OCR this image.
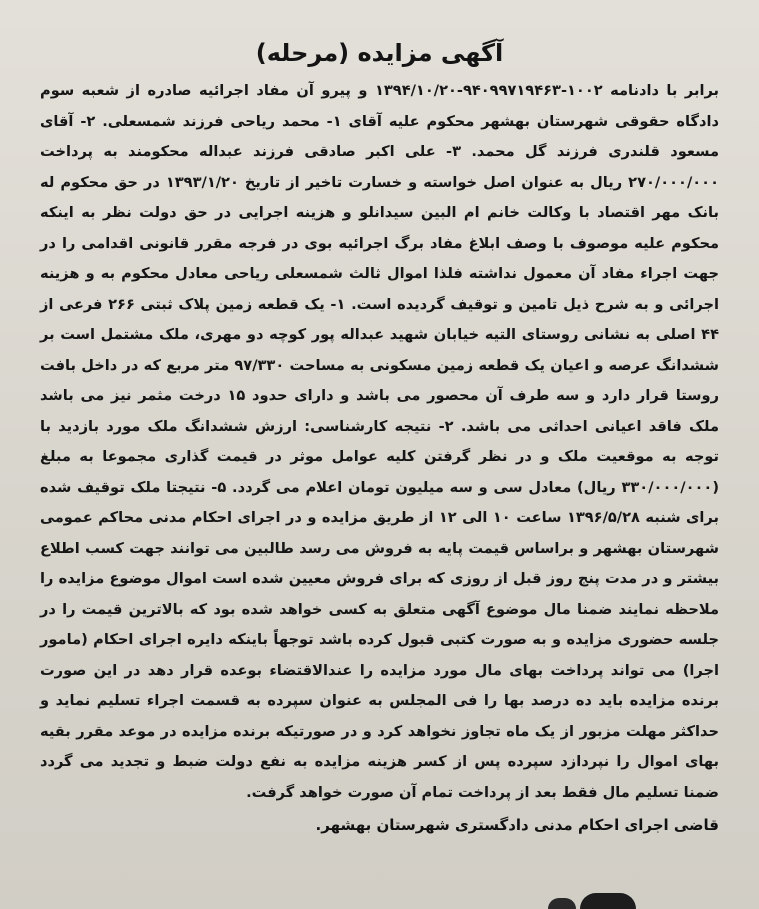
آگهی مزایده (مرحله)

برابر با دادنامه ۱۰۰۲-۹۴۰۹۹۷۱۹۴۶۳-۱۳۹۴/۱۰/۲۰ و پیرو آن مفاد اجرائیه صادره از شعبه سوم دادگاه حقوقی شهرستان بهشهر محکوم علیه آقای ۱- محمد ریاحی فرزند شمسعلی. ۲- آقای مسعود قلندری فرزند گل محمد. ۳- علی اکبر صادقی فرزند عبداله محکومند به پرداخت ۲۷۰/۰۰۰/۰۰۰ ریال به عنوان اصل خواسته و خسارت تاخیر از تاریخ ۱۳۹۳/۱/۲۰ در حق محکوم له بانک مهر اقتصاد با وکالت خانم ام البین سیدانلو و هزینه اجرایی در حق دولت نظر به اینکه محکوم علیه موصوف با وصف ابلاغ مفاد برگ اجرائیه بوی در فرجه مقرر قانونی اقدامی را در جهت اجراء مفاد آن معمول نداشته فلذا اموال ثالث شمسعلی ریاحی معادل محکوم به و هزینه اجرائی و به شرح ذیل تامین و توقیف گردیده است. ۱- یک قطعه زمین پلاک ثبتی ۲۶۶ فرعی از ۴۴ اصلی به نشانی روستای التیه خیابان شهید عبداله پور کوچه دو مهری، ملک مشتمل است بر ششدانگ عرصه و اعیان یک قطعه زمین مسکونی به مساحت ۹۷/۳۳۰ متر مربع که در داخل بافت روستا قرار دارد و سه طرف آن محصور می باشد و دارای حدود ۱۵ درخت مثمر نیز می باشد ملک فاقد اعیانی احداثی می باشد. ۲- نتیجه کارشناسی: ارزش ششدانگ ملک مورد بازدید با توجه به موقعیت ملک و در نظر گرفتن کلیه عوامل موثر در قیمت گذاری مجموعا به مبلغ (۳۳۰/۰۰۰/۰۰۰ ریال) معادل سی و سه میلیون تومان اعلام می گردد. ۵- نتیجتا ملک توقیف شده برای شنبه ۱۳۹۶/۵/۲۸ ساعت ۱۰ الی ۱۲ از طریق مزایده و در اجرای احکام مدنی محاکم عمومی شهرستان بهشهر و براساس قیمت پایه به فروش می رسد طالبین می توانند جهت کسب اطلاع بیشتر و در مدت پنج روز قبل از روزی که برای فروش معیین شده است اموال موضوع مزایده را ملاحظه نمایند ضمنا مال موضوع آگهی متعلق به کسی خواهد شده بود که بالاترین قیمت را در جلسه حضوری مزایده و به صورت کتبی قبول کرده باشد توجهاً باینکه دایره اجرای احکام (مامور اجرا) می تواند پرداخت بهای مال مورد مزایده را عندالاقتضاء بوعده قرار دهد در این صورت برنده مزایده باید ده درصد بها را فی المجلس به عنوان سپرده به قسمت اجراء تسلیم نماید و حداکثر مهلت مزبور از یک ماه تجاوز نخواهد کرد و در صورتیکه برنده مزایده در موعد مقرر بقیه بهای اموال را نپردازد سپرده پس از کسر هزینه مزایده به نفع دولت ضبط و تجدید می گردد ضمنا تسلیم مال فقط بعد از پرداخت تمام آن صورت خواهد گرفت.

قاضی اجرای احکام مدنی دادگستری شهرستان بهشهر.
